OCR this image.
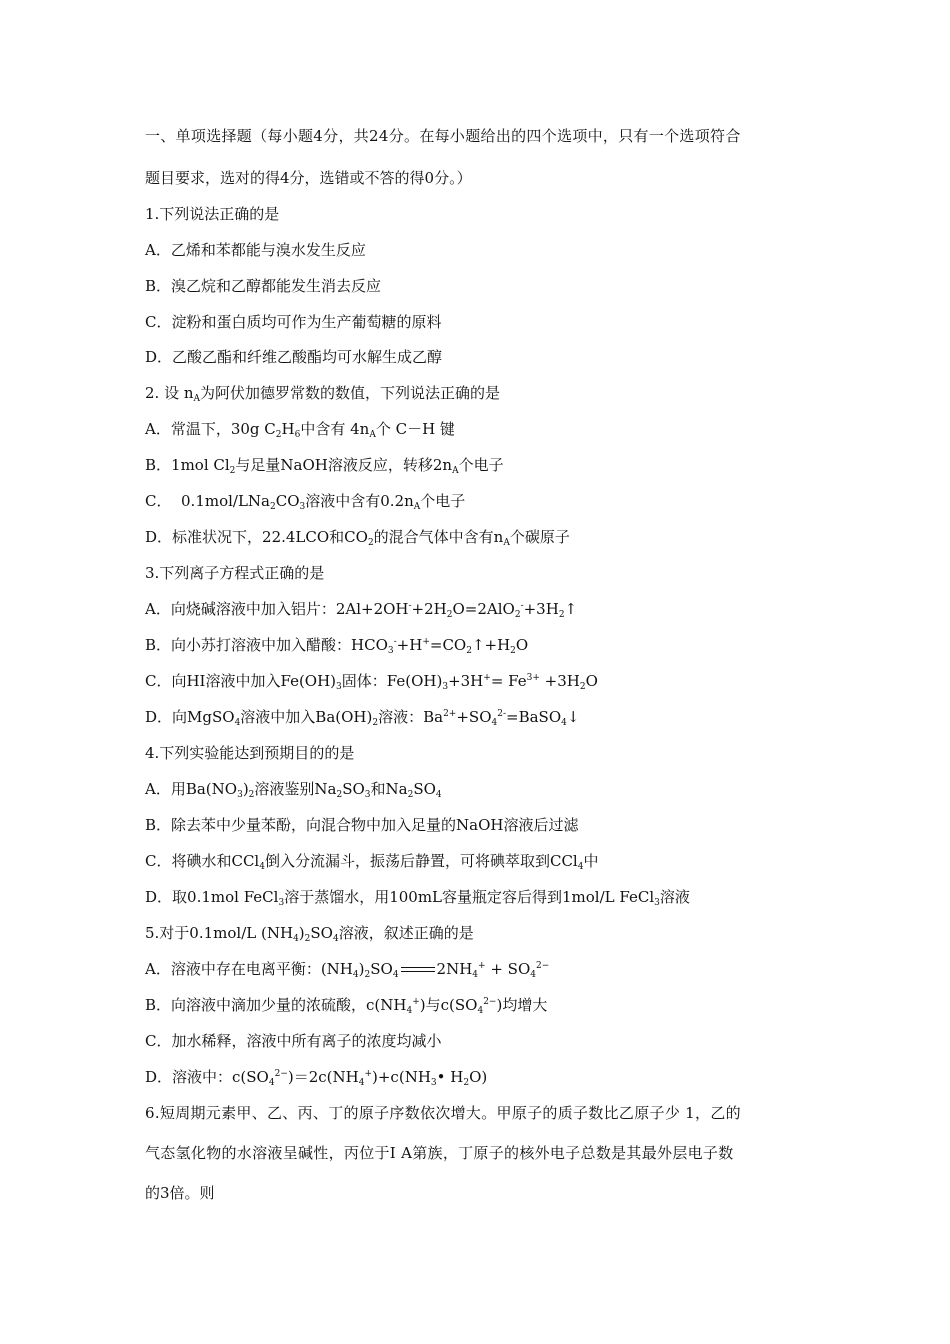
一、单项选择题（每小题4分，共24分。在每小题给出的四个选项中，只有一个选项符合
题目要求，选对的得4分，选错或不答的得0分。）
1.下列说法正确的是
A．乙烯和苯都能与溴水发生反应
B．溴乙烷和乙醇都能发生消去反应
C．淀粉和蛋白质均可作为生产葡萄糖的原料
D．乙酸乙酯和纤维乙酸酯均可水解生成乙醇
2. 设 $n_A$为阿伏加德罗常数的数值，下列说法正确的是
A．常温下，30g $C_2H_6$中含有 $4n_A$个 C－H 键
B．1mol $Cl_2$与足量NaOH溶液反应，转移$2n_A$个电子
C．  $0.1mol/LNa_2CO_3$溶液中含有$0.2n_A$个电子
D．标准状况下，22.4LCO和$CO_2$的混合气体中含有$n_A$个碳原子
3.下列离子方程式正确的是
A．向烧碱溶液中加入铝片：$2Al+2OH^-+2H_2O=2AlO_2^-+3H_2↑$
B．向小苏打溶液中加入醋酸：$HCO_3^-+H^+=CO_2↑+H_2O$
C．向HI溶液中加入$Fe(OH)_3$固体：$Fe(OH)_3+3H^+= Fe^{3+} +3H_2O$
D．向MgSO$_4$溶液中加入$Ba(OH)_2$溶液：$Ba^{2+}+SO_4^{2-}=BaSO_4↓$
4.下列实验能达到预期目的的是
A．用$Ba(NO_3)_2$溶液鉴别$Na_2SO_3$和$Na_2SO_4$
B．除去苯中少量苯酚，向混合物中加入足量的NaOH溶液后过滤
C．将碘水和CCl$_4$倒入分流漏斗，振荡后静置，可将碘萃取到CCl$_4$中
D．取0.1mol FeCl$_3$溶于蒸馏水，用100mL容量瓶定容后得到1mol/L FeCl$_3$溶液
5.对于0.1mol/L $(NH_4)_2SO_4$溶液，叙述正确的是
A．溶液中存在电离平衡：$(NH_4)_2SO_4$	$2NH_4^+ + SO_4^{2-}$
B．向溶液中滴加少量的浓硫酸，$c(NH_4^+)$与$c(SO_4^{2-})$均增大
C．加水稀释，溶液中所有离子的浓度均减小
D．溶液中：$c(SO_4^{2-})=2c(NH_4^+)+c(NH_3•$ $H_2O$)
6.短周期元素甲、乙、丙、丁的原子序数依次增大。甲原子的质子数比乙原子少 1，乙的
气态氢化物的水溶液呈碱性，丙位于Ⅰ A第族，丁原子的核外电子总数是其最外层电子数
的3倍。则
